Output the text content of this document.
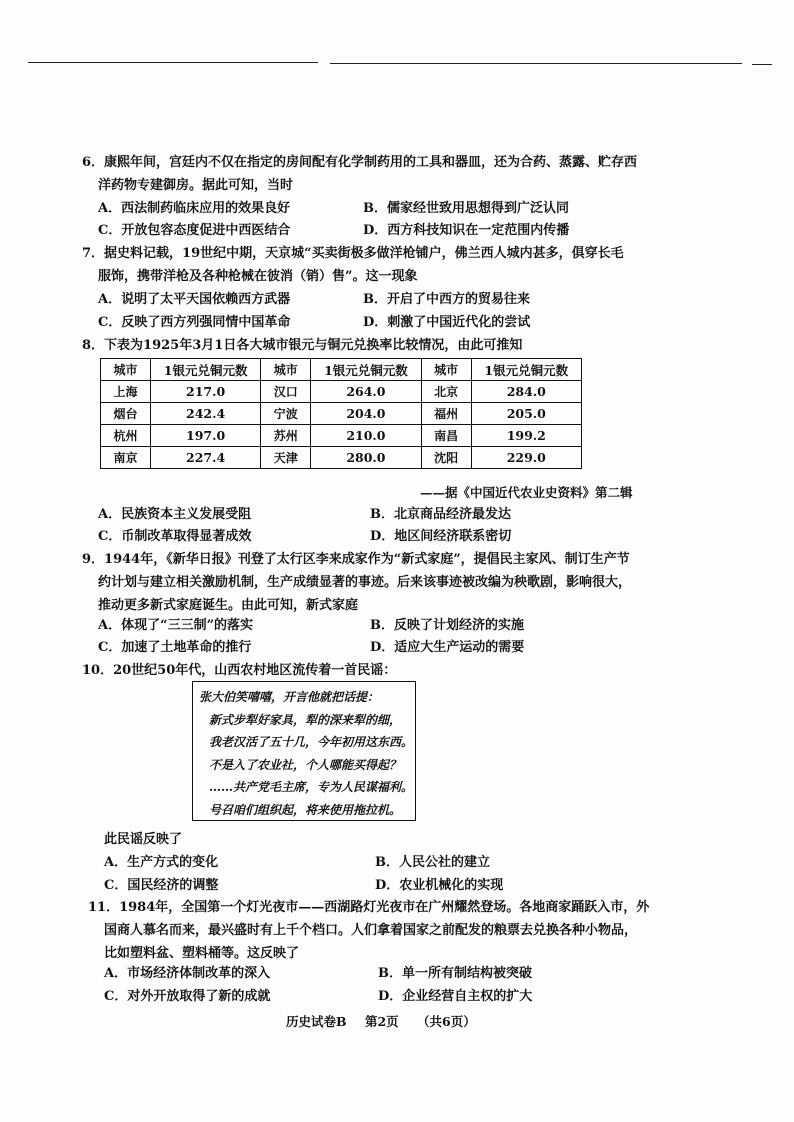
6．康熙年间，宫廷内不仅在指定的房间配有化学制药用的工具和器皿，还为合药、蒸露、贮存西
洋药物专建御房。据此可知，当时
A．西法制药临床应用的效果良好	B．儒家经世致用思想得到广泛认同
C．开放包容态度促进中西医结合	D．西方科技知识在一定范围内传播
7．据史料记载，19世纪中期，天京城“买卖街极多做洋枪铺户，佛兰西人城内甚多，俱穿长毛
服饰，携带洋枪及各种枪械在彼消（销）售”。这一现象
A．说明了太平天国依赖西方武器	B．开启了中西方的贸易往来
C．反映了西方列强同情中国革命	D．刺激了中国近代化的尝试
8．下表为1925年3月1日各大城市银元与铜元兑换率比较情况，由此可推知
城市	1银元兑铜元数	城市	1银元兑铜元数	城市	1银元兑铜元数
上海	217.0	汉口	264.0	北京	284.0
烟台	242.4	宁波	204.0	福州	205.0
杭州	197.0	苏州	210.0	南昌	199.2
南京	227.4	天津	280.0	沈阳	229.0
——据《中国近代农业史资料》第二辑
A．民族资本主义发展受阻	B．北京商品经济最发达
C．币制改革取得显著成效	D．地区间经济联系密切
9．1944年，《新华日报》刊登了太行区李来成家作为“新式家庭”，提倡民主家风、制订生产节
约计划与建立相关激励机制，生产成绩显著的事迹。后来该事迹被改编为秧歌剧，影响很大，
推动更多新式家庭诞生。由此可知，新式家庭
A．体现了“三三制”的落实	B．反映了计划经济的实施
C．加速了土地革命的推行	D．适应大生产运动的需要
10．20世纪50年代，山西农村地区流传着一首民谣：
张大伯笑嘻嘻，开言他就把话提：
新式步犁好家具，犁的深来犁的细，
我老汉活了五十几，今年初用这东西。
不是入了农业社，个人哪能买得起？
……共产党毛主席，专为人民谋福利。
号召咱们组织起，将来使用拖拉机。
此民谣反映了
A．生产方式的变化	B．人民公社的建立
C．国民经济的调整	D．农业机械化的实现
11．1984年，全国第一个灯光夜市——西湖路灯光夜市在广州耀然登场。各地商家踊跃入市，外
国商人慕名而来，最兴盛时有上千个档口。人们拿着国家之前配发的粮票去兑换各种小物品，
比如塑料盆、塑料桶等。这反映了
A．市场经济体制改革的深入	B．单一所有制结构被突破
C．对外开放取得了新的成就	D．企业经营自主权的扩大
历史试卷B 第2页 （共6页）
